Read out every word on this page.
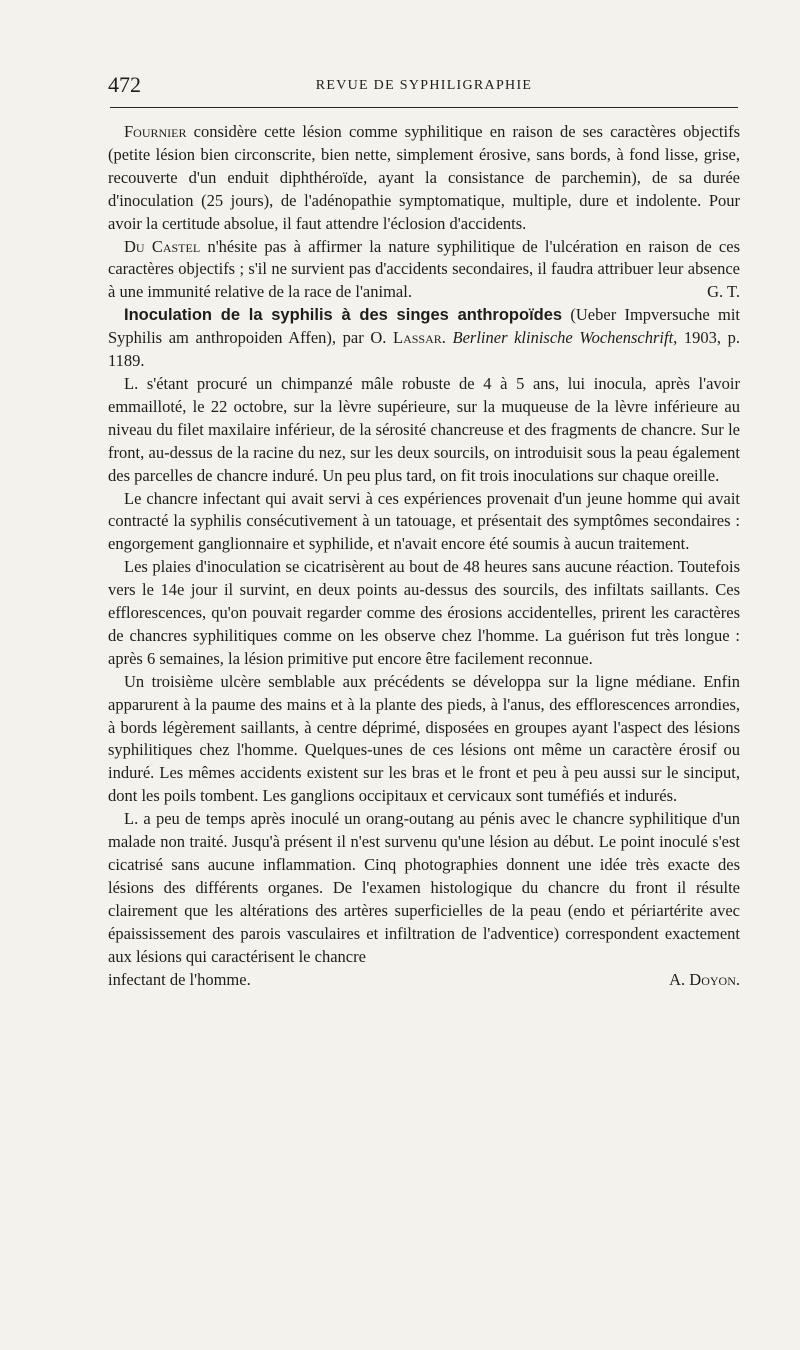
472	REVUE DE SYPHILIGRAPHIE

Fournier considère cette lésion comme syphilitique en raison de ses caractères objectifs (petite lésion bien circonscrite, bien nette, simplement érosive, sans bords, à fond lisse, grise, recouverte d'un enduit diphthéroïde, ayant la consistance de parchemin), de sa durée d'inoculation (25 jours), de l'adénopathie symptomatique, multiple, dure et indolente. Pour avoir la certitude absolue, il faut attendre l'éclosion d'accidents.

Du Castel n'hésite pas à affirmer la nature syphilitique de l'ulcération en raison de ces caractères objectifs ; s'il ne survient pas d'accidents secondaires, il faudra attribuer leur absence à une immunité relative de la race de l'animal.	G. T.

Inoculation de la syphilis à des singes anthropoïdes (Ueber Impversuche mit Syphilis am anthropoiden Affen), par O. Lassar. Berliner klinische Wochenschrift, 1903, p. 1189.

L. s'étant procuré un chimpanzé mâle robuste de 4 à 5 ans, lui inocula, après l'avoir emmailloté, le 22 octobre, sur la lèvre supérieure, sur la muqueuse de la lèvre inférieure au niveau du filet maxilaire inférieur, de la sérosité chancreuse et des fragments de chancre. Sur le front, au-dessus de la racine du nez, sur les deux sourcils, on introduisit sous la peau également des parcelles de chancre induré. Un peu plus tard, on fit trois inoculations sur chaque oreille.

Le chancre infectant qui avait servi à ces expériences provenait d'un jeune homme qui avait contracté la syphilis consécutivement à un tatouage, et présentait des symptômes secondaires : engorgement ganglionnaire et syphilide, et n'avait encore été soumis à aucun traitement.

Les plaies d'inoculation se cicatrisèrent au bout de 48 heures sans aucune réaction. Toutefois vers le 14e jour il survint, en deux points au-dessus des sourcils, des infiltats saillants. Ces efflorescences, qu'on pouvait regarder comme des érosions accidentelles, prirent les caractères de chancres syphilitiques comme on les observe chez l'homme. La guérison fut très longue : après 6 semaines, la lésion primitive put encore être facilement reconnue.

Un troisième ulcère semblable aux précédents se développa sur la ligne médiane. Enfin apparurent à la paume des mains et à la plante des pieds, à l'anus, des efflorescences arrondies, à bords légèrement saillants, à centre déprimé, disposées en groupes ayant l'aspect des lésions syphilitiques chez l'homme. Quelques-unes de ces lésions ont même un caractère érosif ou induré. Les mêmes accidents existent sur les bras et le front et peu à peu aussi sur le sinciput, dont les poils tombent. Les ganglions occipitaux et cervicaux sont tuméfiés et indurés.

L. a peu de temps après inoculé un orang-outang au pénis avec le chancre syphilitique d'un malade non traité. Jusqu'à présent il n'est survenu qu'une lésion au début. Le point inoculé s'est cicatrisé sans aucune inflammation. Cinq photographies donnent une idée très exacte des lésions des différents organes. De l'examen histologique du chancre du front il résulte clairement que les altérations des artères superficielles de la peau (endo et périartérite avec épaississement des parois vasculaires et infiltration de l'adventice) correspondent exactement aux lésions qui caractérisent le chancre

infectant de l'homme.	A. Doyon.
